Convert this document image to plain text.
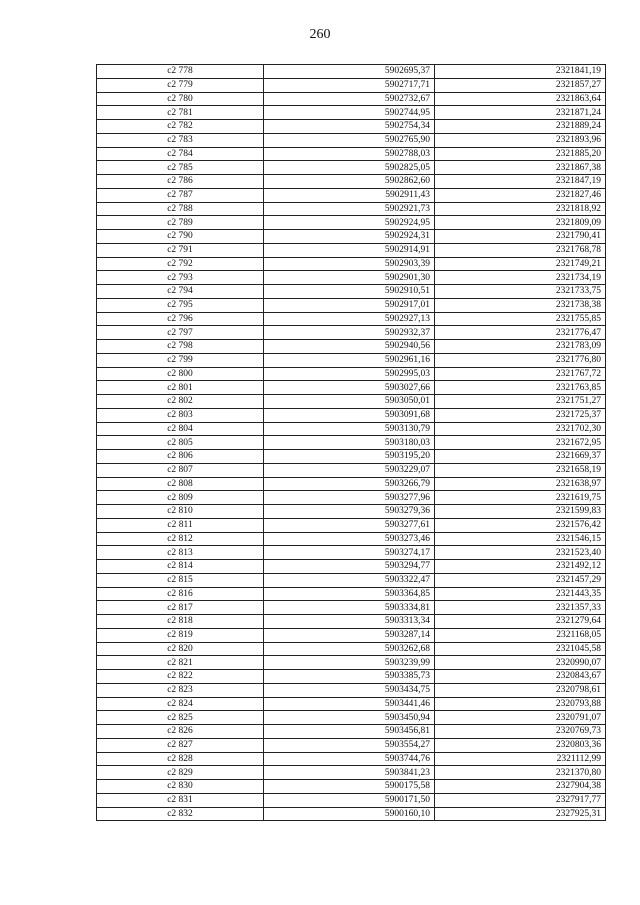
260
с2 778	5902695,37	2321841,19
с2 779	5902717,71	2321857,27
с2 780	5902732,67	2321863,64
с2 781	5902744,95	2321871,24
с2 782	5902754,34	2321889,24
с2 783	5902765,90	2321893,96
с2 784	5902788,03	2321885,20
с2 785	5902825,05	2321867,38
с2 786	5902862,60	2321847,19
с2 787	5902911,43	2321827,46
с2 788	5902921,73	2321818,92
с2 789	5902924,95	2321809,09
с2 790	5902924,31	2321790,41
с2 791	5902914,91	2321768,78
с2 792	5902903,39	2321749,21
с2 793	5902901,30	2321734,19
с2 794	5902910,51	2321733,75
с2 795	5902917,01	2321738,38
с2 796	5902927,13	2321755,85
с2 797	5902932,37	2321776,47
с2 798	5902940,56	2321783,09
с2 799	5902961,16	2321776,80
с2 800	5902995,03	2321767,72
с2 801	5903027,66	2321763,85
с2 802	5903050,01	2321751,27
с2 803	5903091,68	2321725,37
с2 804	5903130,79	2321702,30
с2 805	5903180,03	2321672,95
с2 806	5903195,20	2321669,37
с2 807	5903229,07	2321658,19
с2 808	5903266,79	2321638,97
с2 809	5903277,96	2321619,75
с2 810	5903279,36	2321599,83
с2 811	5903277,61	2321576,42
с2 812	5903273,46	2321546,15
с2 813	5903274,17	2321523,40
с2 814	5903294,77	2321492,12
с2 815	5903322,47	2321457,29
с2 816	5903364,85	2321443,35
с2 817	5903334,81	2321357,33
с2 818	5903313,34	2321279,64
с2 819	5903287,14	2321168,05
с2 820	5903262,68	2321045,58
с2 821	5903239,99	2320990,07
с2 822	5903385,73	2320843,67
с2 823	5903434,75	2320798,61
с2 824	5903441,46	2320793,88
с2 825	5903450,94	2320791,07
с2 826	5903456,81	2320769,73
с2 827	5903554,27	2320803,36
с2 828	5903744,76	2321112,99
с2 829	5903841,23	2321370,80
с2 830	5900175,58	2327904,38
с2 831	5900171,50	2327917,77
с2 832	5900160,10	2327925,31
